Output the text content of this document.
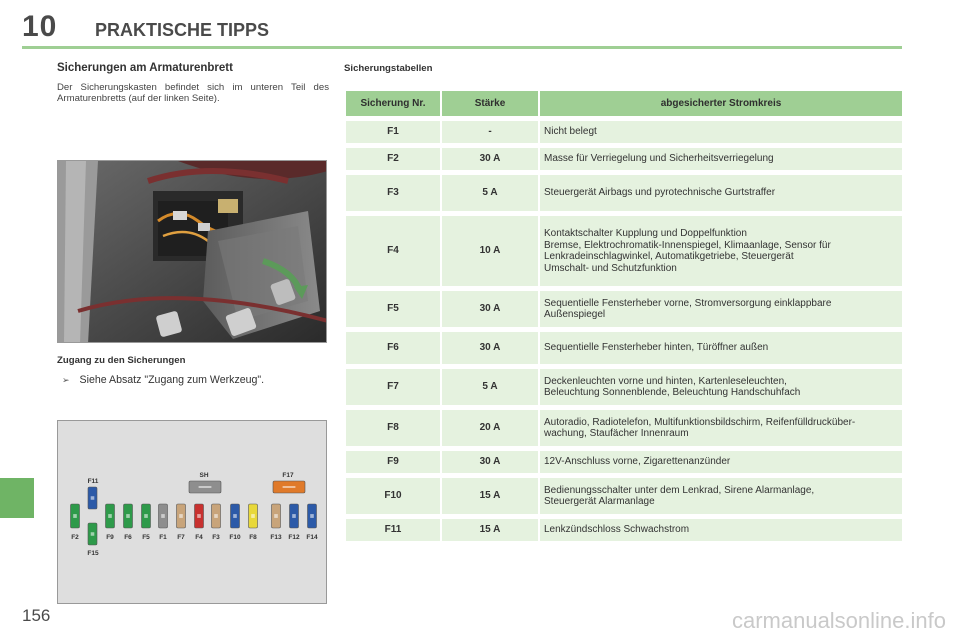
10 PRAKTISCHE TIPPS
Sicherungen am Armaturenbrett
Der Sicherungskasten befindet sich im unteren Teil des Armaturenbretts (auf der linken Seite).
Zugang zu den Sicherungen
➢ Siehe Absatz "Zugang zum Werkzeug".
F11
SH	F17
F2	F9 F6 F5 F1 F7 F4 F3 F10 F8 F13 F12 F14
F15
Sicherungstabellen
Sicherung Nr.	Stärke	abgesicherter Stromkreis
F1	-	Nicht belegt

F2	30 A	Masse für Verriegelung und Sicherheitsverriegelung

F3	5 A	Steuergerät Airbags und pyrotechnische Gurtstraffer

F4	10 A	Kontaktschalter Kupplung und Doppelfunktion
Bremse, Elektrochromatik-Innenspiegel, Klimaanlage, Sensor für
Lenkradeinschlagwinkel, Automatikgetriebe, Steuergerät
Umschalt- und Schutzfunktion

F5	30 A	Sequentielle Fensterheber vorne, Stromversorgung einklappbare
Außenspiegel

F6	30 A	Sequentielle Fensterheber hinten, Türöffner außen

F7	5 A	Deckenleuchten vorne und hinten, Kartenleseleuchten,
Beleuchtung Sonnenblende, Beleuchtung Handschuhfach

F8	20 A	Autoradio, Radiotelefon, Multifunktionsbildschirm, Reifenfülldrucküber-
wachung, Staufächer Innenraum

F9	30 A	12V-Anschluss vorne, Zigarettenanzünder

F10	15 A	Bedienungsschalter unter dem Lenkrad, Sirene Alarmanlage,
Steuergerät Alarmanlage

F11	15 A	Lenkzündschloss Schwachstrom
156	carmanualsonline.info
